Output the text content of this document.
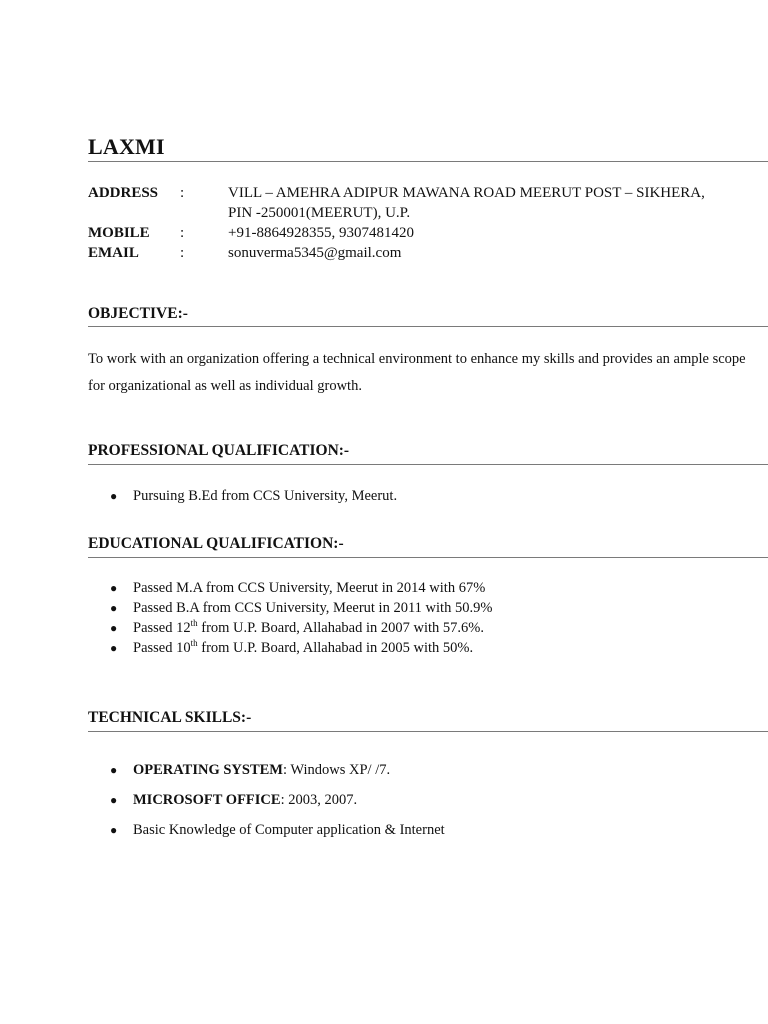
LAXMI
ADDRESS	:	VILL – AMEHRA ADIPUR MAWANA ROAD MEERUT POST – SIKHERA,
PIN -250001(MEERUT), U.P.
MOBILE	:	+91-8864928355, 9307481420
EMAIL	:	sonuverma5345@gmail.com
OBJECTIVE:-

To work with an organization offering a technical environment to enhance my skills and provides an ample scope for organizational as well as individual growth.

PROFESSIONAL QUALIFICATION:-
● Pursuing B.Ed from CCS University, Meerut.
EDUCATIONAL QUALIFICATION:-
● Passed M.A from CCS University, Meerut in 2014 with 67%
● Passed B.A from CCS University, Meerut in 2011 with 50.9%
● Passed 12th from U.P. Board, Allahabad in 2007 with 57.6%.
● Passed 10th from U.P. Board, Allahabad in 2005 with 50%.
TECHNICAL SKILLS:-
● OPERATING SYSTEM: Windows XP/ /7.
● MICROSOFT OFFICE: 2003, 2007.
● Basic Knowledge of Computer application & Internet
